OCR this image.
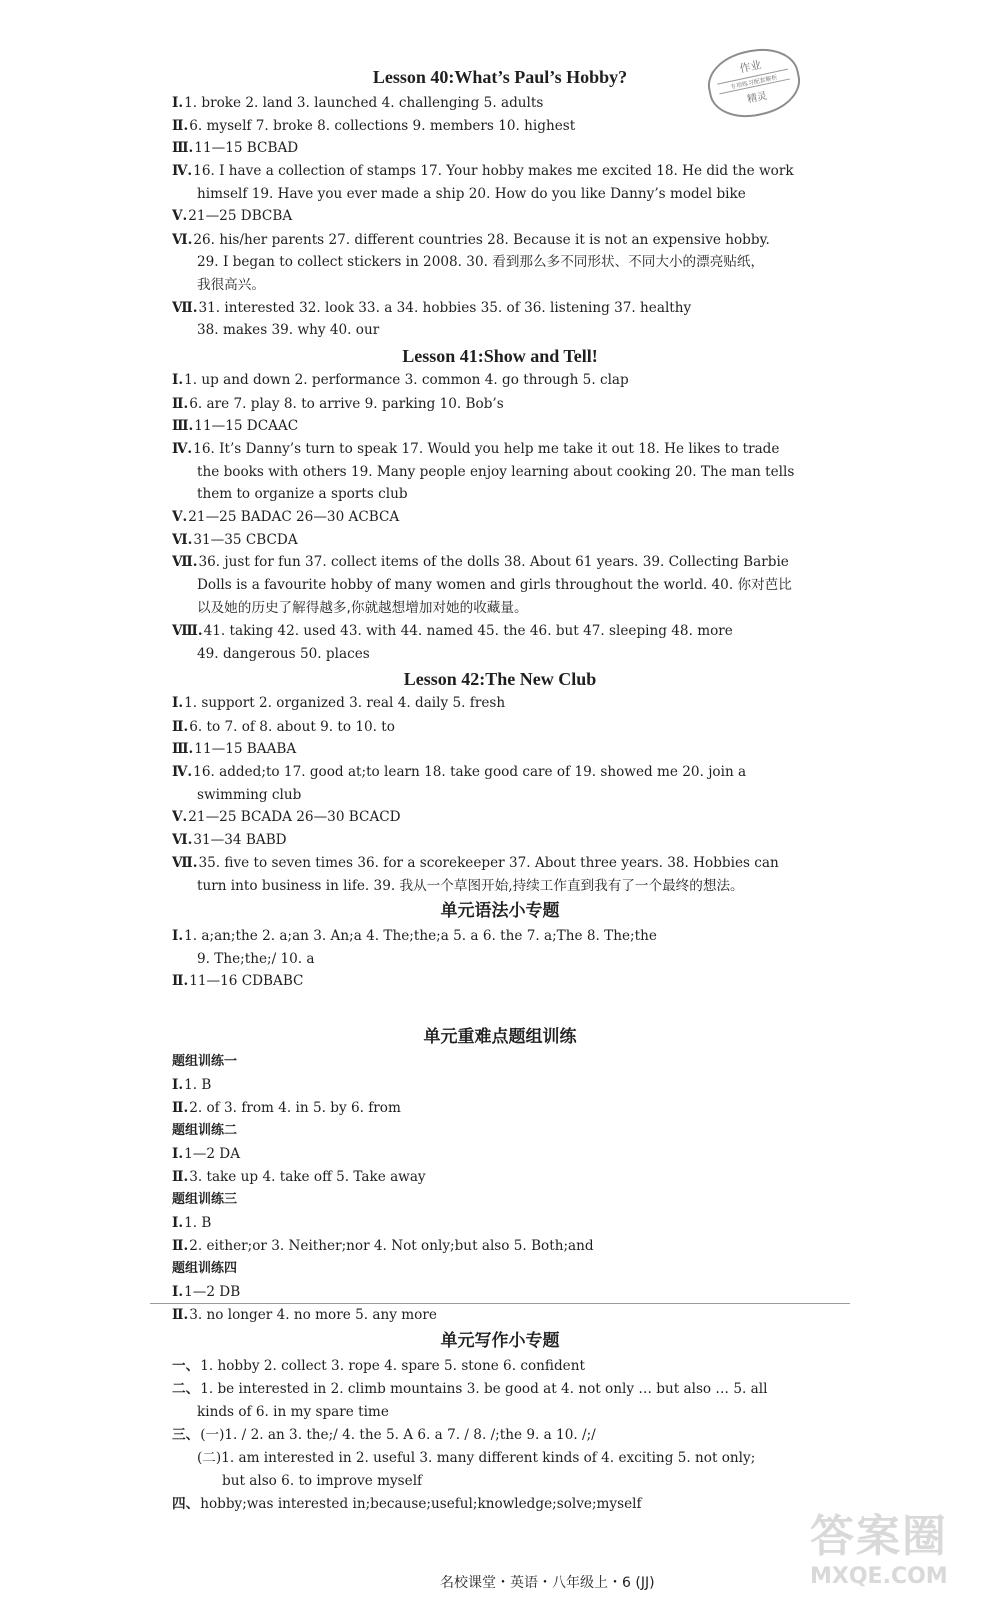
作业
专项练习配套解析
精灵
Lesson 40:What’s Paul’s Hobby?
Ⅰ.1. broke 2. land 3. launched 4. challenging 5. adults
Ⅱ.6. myself 7. broke 8. collections 9. members 10. highest
Ⅲ.11—15 BCBAD
Ⅳ.16. I have a collection of stamps 17. Your hobby makes me excited 18. He did the work
himself 19. Have you ever made a ship 20. How do you like Danny’s model bike
Ⅴ.21—25 DBCBA
Ⅵ.26. his/her parents 27. different countries 28. Because it is not an expensive hobby.
29. I began to collect stickers in 2008. 30. 看到那么多不同形状、不同大小的漂亮贴纸，
我很高兴。
Ⅶ.31. interested 32. look 33. a 34. hobbies 35. of 36. listening 37. healthy
38. makes 39. why 40. our
Lesson 41:Show and Tell!
Ⅰ.1. up and down 2. performance 3. common 4. go through 5. clap
Ⅱ.6. are 7. play 8. to arrive 9. parking 10. Bob’s
Ⅲ.11—15 DCAAC
Ⅳ.16. It’s Danny’s turn to speak 17. Would you help me take it out 18. He likes to trade
the books with others 19. Many people enjoy learning about cooking 20. The man tells
them to organize a sports club
Ⅴ.21—25 BADAC 26—30 ACBCA
Ⅵ.31—35 CBCDA
Ⅶ.36. just for fun 37. collect items of the dolls 38. About 61 years. 39. Collecting Barbie
Dolls is a favourite hobby of many women and girls throughout the world. 40. 你对芭比
以及她的历史了解得越多,你就越想增加对她的收藏量。
Ⅷ.41. taking 42. used 43. with 44. named 45. the 46. but 47. sleeping 48. more
49. dangerous 50. places
Lesson 42:The New Club
Ⅰ.1. support 2. organized 3. real 4. daily 5. fresh
Ⅱ.6. to 7. of 8. about 9. to 10. to
Ⅲ.11—15 BAABA
Ⅳ.16. added;to 17. good at;to learn 18. take good care of 19. showed me 20. join a
swimming club
Ⅴ.21—25 BCADA 26—30 BCACD
Ⅵ.31—34 BABD
Ⅶ.35. five to seven times 36. for a scorekeeper 37. About three years. 38. Hobbies can
turn into business in life. 39. 我从一个草图开始,持续工作直到我有了一个最终的想法。
单元语法小专题
Ⅰ.1. a;an;the 2. a;an 3. An;a 4. The;the;a 5. a 6. the 7. a;The 8. The;the
9. The;the;/ 10. a
Ⅱ.11—16 CDBABC
单元重难点题组训练
题组训练一
Ⅰ.1. B
Ⅱ.2. of 3. from 4. in 5. by 6. from
题组训练二
Ⅰ.1—2 DA
Ⅱ.3. take up 4. take off 5. Take away
题组训练三
Ⅰ.1. B
Ⅱ.2. either;or 3. Neither;nor 4. Not only;but also 5. Both;and
题组训练四
Ⅰ.1—2 DB
Ⅱ.3. no longer 4. no more 5. any more
单元写作小专题
一、1. hobby 2. collect 3. rope 4. spare 5. stone 6. confident
二、1. be interested in 2. climb mountains 3. be good at 4. not only … but also … 5. all
kinds of 6. in my spare time
三、(一)1. / 2. an 3. the;/ 4. the 5. A 6. a 7. / 8. /;the 9. a 10. /;/
(二)1. am interested in 2. useful 3. many different kinds of 4. exciting 5. not only;
but also 6. to improve myself
四、hobby;was interested in;because;useful;knowledge;solve;myself
名校课堂・英语・八年级上・6 (JJ)
答案圈
MXQE.COM
